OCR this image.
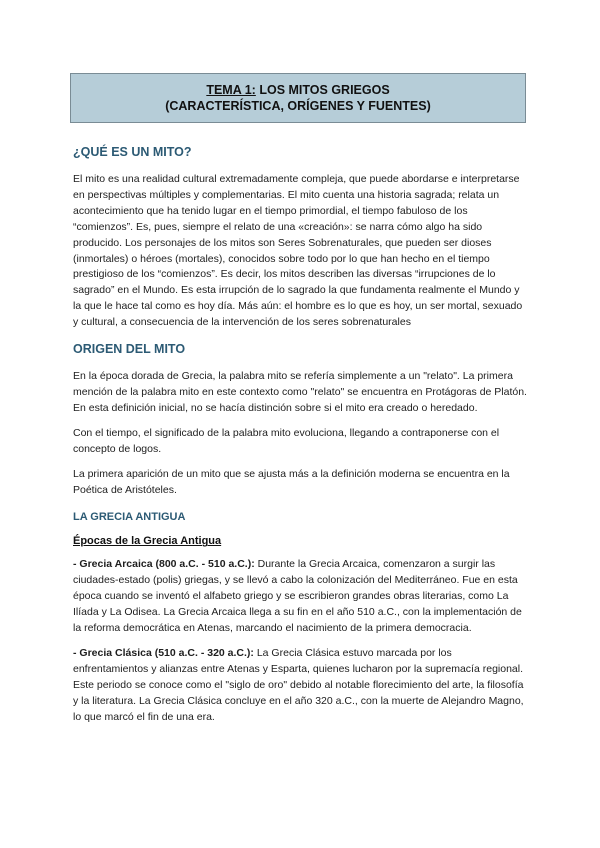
TEMA 1: LOS MITOS GRIEGOS
(CARACTERÍSTICA, ORÍGENES Y FUENTES)
¿QUÉ ES UN MITO?

El mito es una realidad cultural extremadamente compleja, que puede abordarse e interpretarse en perspectivas múltiples y complementarias. El mito cuenta una historia sagrada; relata un acontecimiento que ha tenido lugar en el tiempo primordial, el tiempo fabuloso de los “comienzos”. Es, pues, siempre el relato de una «creación»: se narra cómo algo ha sido producido. Los personajes de los mitos son Seres Sobrenaturales, que pueden ser dioses (inmortales) o héroes (mortales), conocidos sobre todo por lo que han hecho en el tiempo prestigioso de los “comienzos”. Es decir, los mitos describen las diversas “irrupciones de lo sagrado” en el Mundo. Es esta irrupción de lo sagrado la que fundamenta realmente el Mundo y la que le hace tal como es hoy día. Más aún: el hombre es lo que es hoy, un ser mortal, sexuado y cultural, a consecuencia de la intervención de los seres sobrenaturales

ORIGEN DEL MITO

En la época dorada de Grecia, la palabra mito se refería simplemente a un "relato". La primera mención de la palabra mito en este contexto como "relato" se encuentra en Protágoras de Platón. En esta definición inicial, no se hacía distinción sobre si el mito era creado o heredado.

Con el tiempo, el significado de la palabra mito evoluciona, llegando a contraponerse con el concepto de logos.

La primera aparición de un mito que se ajusta más a la definición moderna se encuentra en la Poética de Aristóteles.

LA GRECIA ANTIGUA
Épocas de la Grecia Antigua

- Grecia Arcaica (800 a.C. - 510 a.C.): Durante la Grecia Arcaica, comenzaron a surgir las ciudades-estado (polis) griegas, y se llevó a cabo la colonización del Mediterráneo. Fue en esta época cuando se inventó el alfabeto griego y se escribieron grandes obras literarias, como La Ilíada y La Odisea. La Grecia Arcaica llega a su fin en el año 510 a.C., con la implementación de la reforma democrática en Atenas, marcando el nacimiento de la primera democracia.

- Grecia Clásica (510 a.C. - 320 a.C.): La Grecia Clásica estuvo marcada por los enfrentamientos y alianzas entre Atenas y Esparta, quienes lucharon por la supremacía regional. Este periodo se conoce como el "siglo de oro" debido al notable florecimiento del arte, la filosofía y la literatura. La Grecia Clásica concluye en el año 320 a.C., con la muerte de Alejandro Magno, lo que marcó el fin de una era.
